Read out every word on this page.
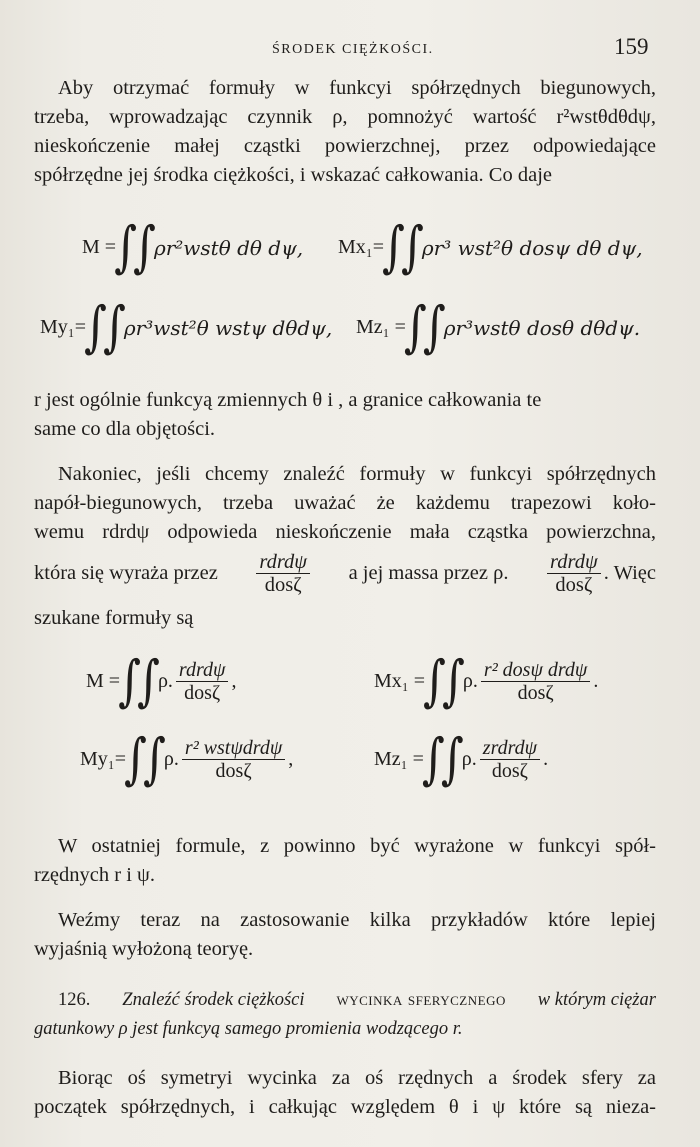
ŚRODEK CIĘŻKOŚCI.	159
Aby otrzymać formuły w funkcyi spółrzędnych biegunowych,
trzeba, wprowadzając czynnik ρ, pomnożyć wartość r²wstθdθdψ,
nieskończenie małej cząstki powierzchnej, przez odpowiedające
spółrzędne jej środka ciężkości, i wskazać całkowania. Co daje
M =
∫
∫
ρr²wstθ dθ dψ, Mx₁=
∫
∫
ρr³ wst²θ dosψ dθ dψ,
My₁=
∫
∫
ρr³wst²θ wstψ dθdψ, Mz₁ =
∫
∫
ρr³wstθ dosθ dθdψ.
r jest ogólnie funkcyą zmiennych θ i , a granice całkowania te
same co dla objętości.
Nakoniec, jeśli chcemy znaleźć formuły w funkcyi spółrzędnych
napół-biegunowych, trzeba uważać że każdemu trapezowi koło-
wemu rdrdψ odpowieda nieskończenie mała cząstka powierzchna,
która się wyraża przez $\frac{\text{rdrdψ}}{\text{dosζ}}$ a jej massa przez ρ. $\frac{\text{rdrdψ}}{\text{dosζ}}$ . Więc
szukane formuły są
M =
∫
∫
ρ. $\frac{\text{rdrdψ}}{\text{dosζ}}$ ,	Mx₁ =
∫
∫
ρ. $\frac{\text{r² dosψ drdψ}}{\text{dosζ}}$ .
My₁=
∫
∫
ρ. $\frac{\text{r² wstψdrdψ}}{\text{dosζ}}$ ,	Mz₁ =
∫
∫
ρ. $\frac{\text{zrdrdψ}}{\text{dosζ}}$ .
W ostatniej formule, z powinno być wyrażone w funkcyi spół-
rzędnych r i ψ.
Weźmy teraz na zastosowanie kilka przykładów które lepiej
wyjaśnią wyłożoną teoryę.
126. Znaleźć środek ciężkości wycinka sferycznego w którym ciężar
gatunkowy ρ jest funkcyą samego promienia wodzącego r.
Biorąc oś symetryi wycinka za oś rzędnych a środek sfery za
początek spółrzędnych, i całkując względem θ i ψ które są nieza-
